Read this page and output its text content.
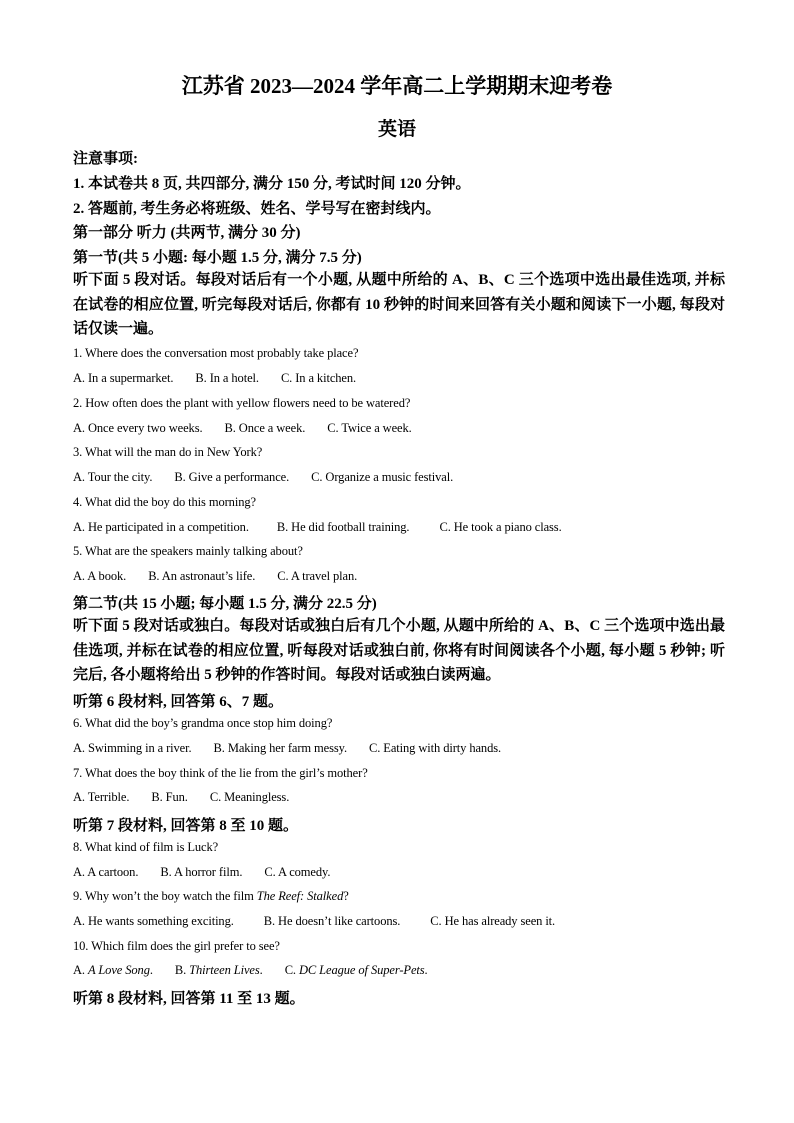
江苏省 2023—2024 学年高二上学期期末迎考卷
英语
注意事项:
1. 本试卷共 8 页, 共四部分, 满分 150 分, 考试时间 120 分钟。
2. 答题前, 考生务必将班级、姓名、学号写在密封线内。
第一部分 听力 (共两节, 满分 30 分)
第一节(共 5 小题: 每小题 1.5 分, 满分 7.5 分)
听下面 5 段对话。每段对话后有一个小题, 从题中所给的 A、B、C 三个选项中选出最佳选项, 并标在试卷的相应位置, 听完每段对话后, 你都有 10 秒钟的时间来回答有关小题和阅读下一小题, 每段对话仅读一遍。
1. Where does the conversation most probably take place?
A. In a supermarket. B. In a hotel. C. In a kitchen.
2. How often does the plant with yellow flowers need to be watered?
A. Once every two weeks. B. Once a week. C. Twice a week.
3. What will the man do in New York?
A. Tour the city. B. Give a performance. C. Organize a music festival.
4. What did the boy do this morning?
A. He participated in a competition. B. He did football training. C. He took a piano class.
5. What are the speakers mainly talking about?
A. A book. B. An astronaut’s life. C. A travel plan.
第二节(共 15 小题; 每小题 1.5 分, 满分 22.5 分)
听下面 5 段对话或独白。每段对话或独白后有几个小题, 从题中所给的 A、B、C 三个选项中选出最佳选项, 并标在试卷的相应位置, 听每段对话或独白前, 你将有时间阅读各个小题, 每小题 5 秒钟; 听完后, 各小题将给出 5 秒钟的作答时间。每段对话或独白读两遍。
听第 6 段材料, 回答第 6、7 题。
6. What did the boy’s grandma once stop him doing?
A. Swimming in a river. B. Making her farm messy. C. Eating with dirty hands.
7. What does the boy think of the lie from the girl’s mother?
A. Terrible. B. Fun. C. Meaningless.
听第 7 段材料, 回答第 8 至 10 题。
8. What kind of film is Luck?
A. A cartoon. B. A horror film. C. A comedy.
9. Why won’t the boy watch the film The Reef: Stalked?
A. He wants something exciting. B. He doesn’t like cartoons. C. He has already seen it.
10. Which film does the girl prefer to see?
A. A Love Song. B. Thirteen Lives. C. DC League of Super-Pets.
听第 8 段材料, 回答第 11 至 13 题。
